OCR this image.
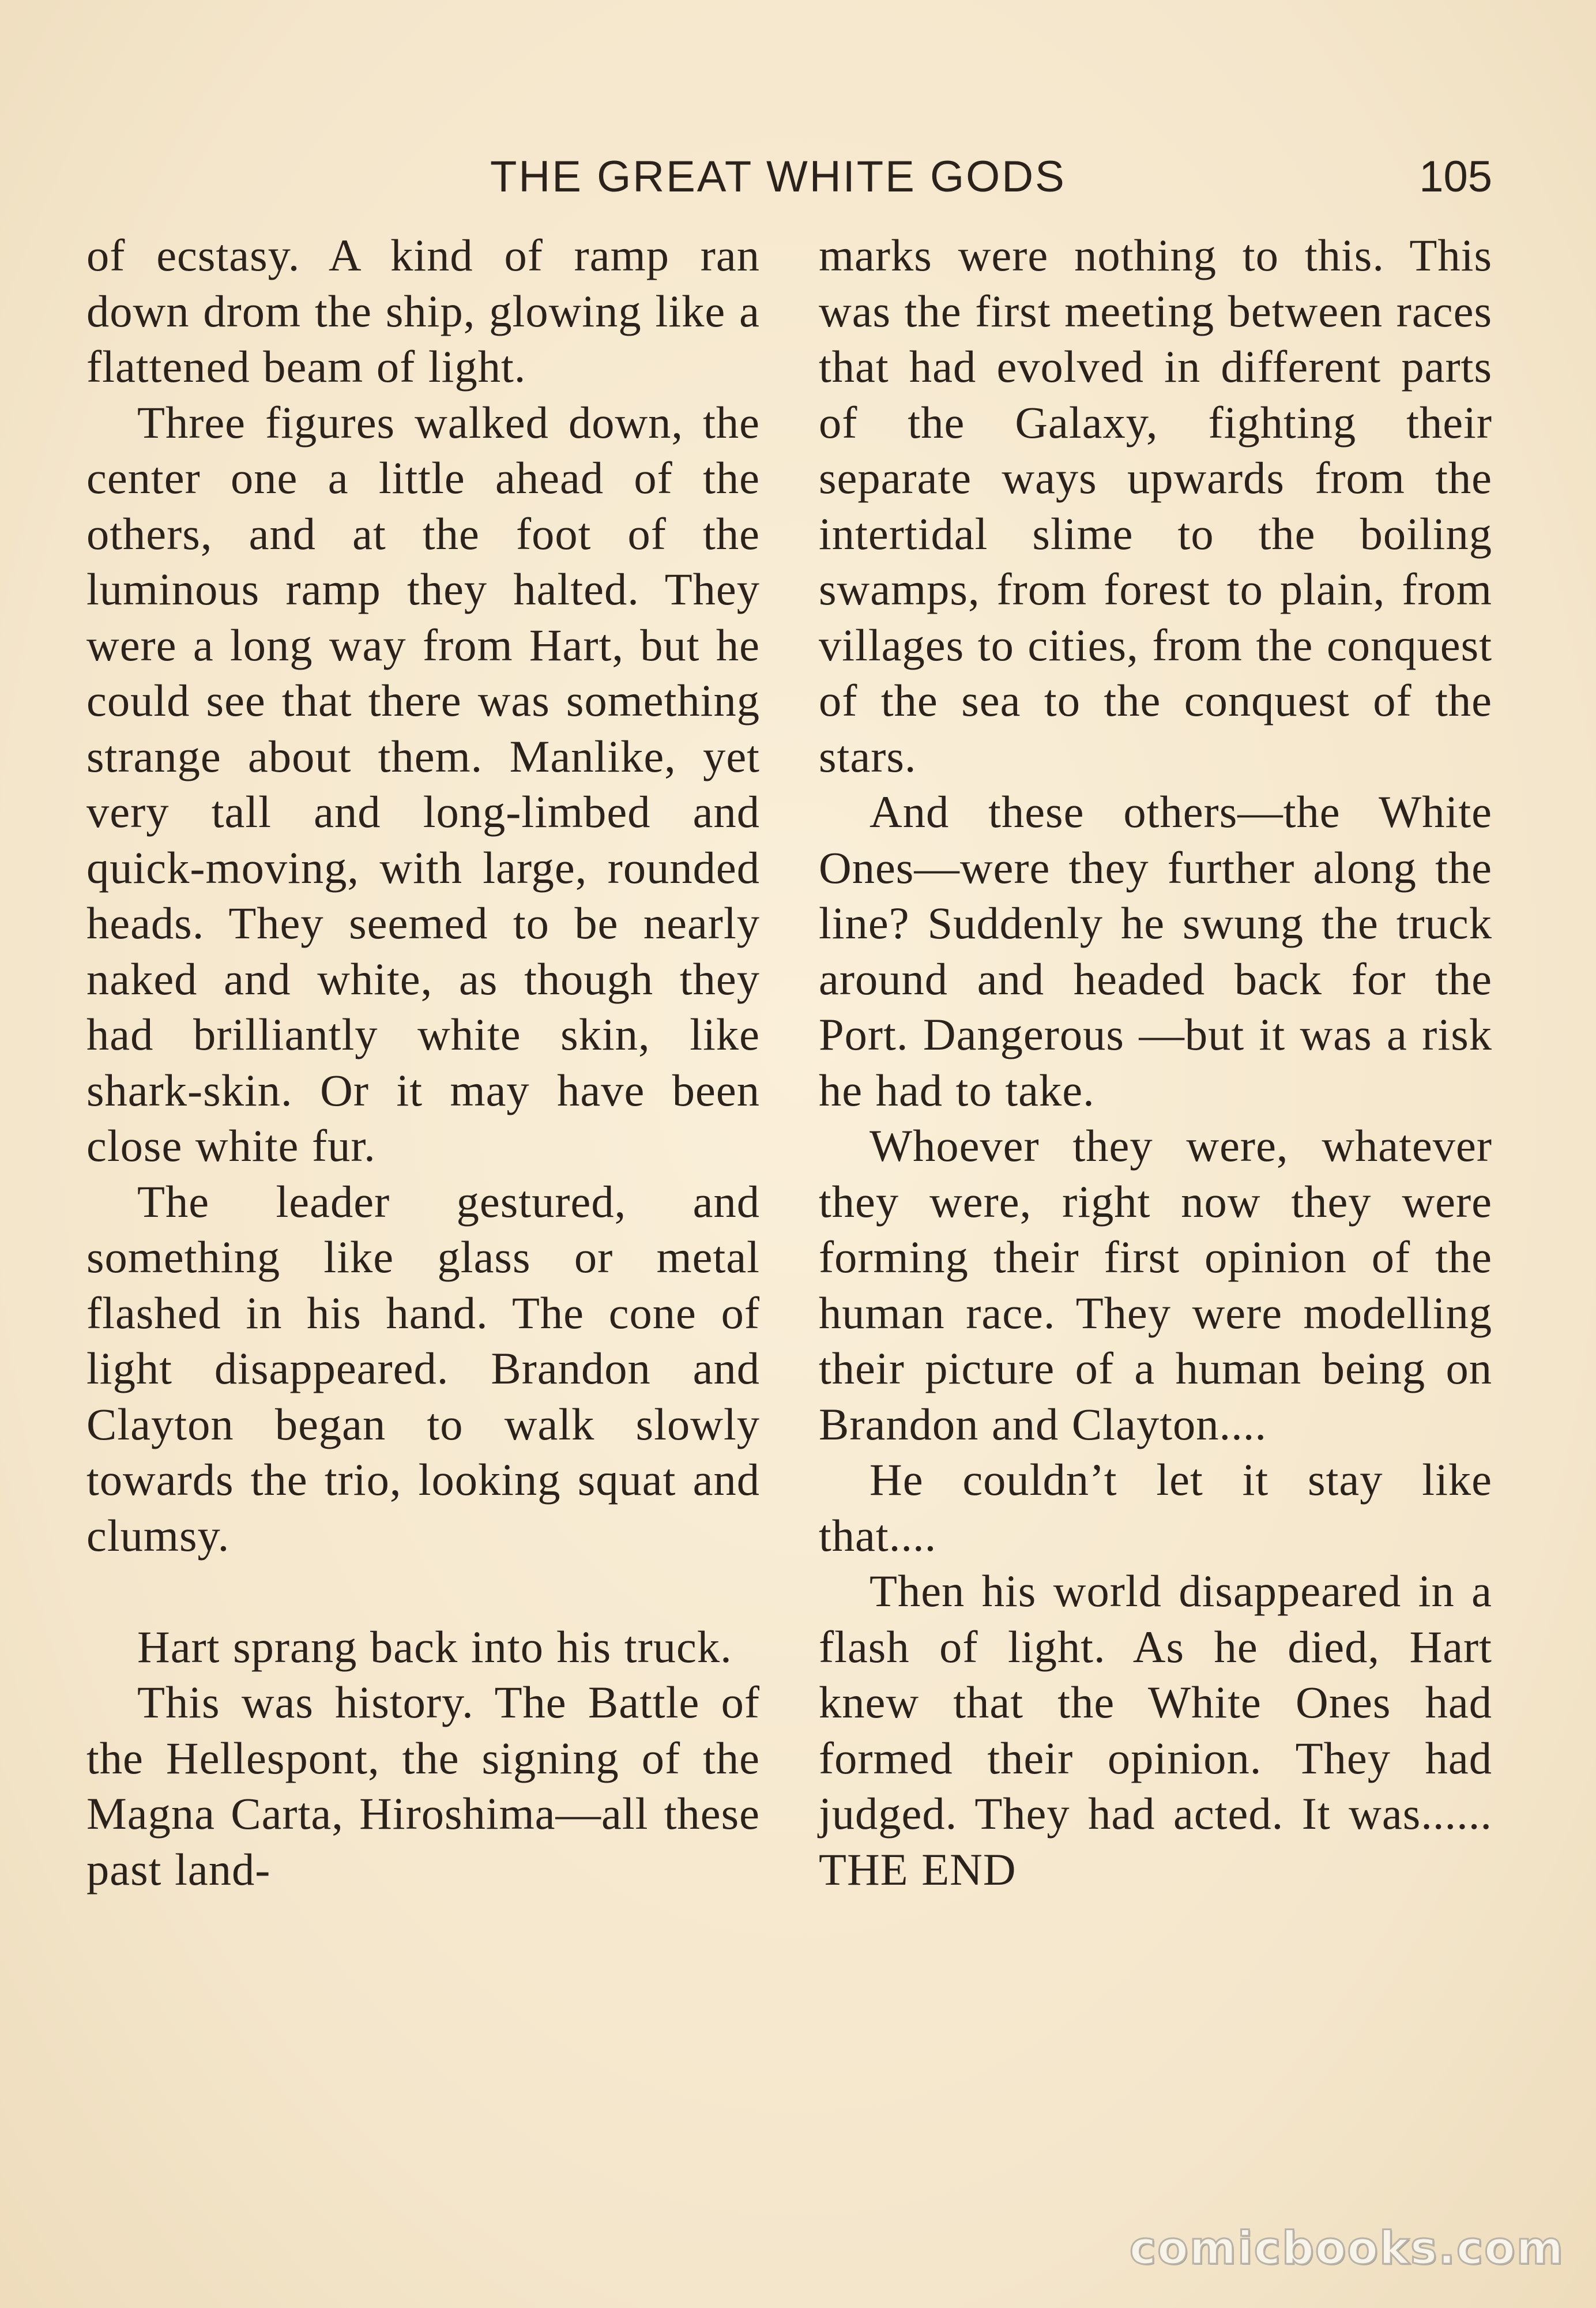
THE GREAT WHITE GODS	105

of ecstasy. A kind of ramp ran down drom the ship, glowing like a flattened beam of light.

Three figures walked down, the center one a little ahead of the others, and at the foot of the luminous ramp they halted. They were a long way from Hart, but he could see that there was something strange about them. Manlike, yet very tall and long-limbed and quick-moving, with large, rounded heads. They seemed to be nearly naked and white, as though they had brilliantly white skin, like shark-skin. Or it may have been close white fur.

The leader gestured, and something like glass or metal flashed in his hand. The cone of light disappeared. Brandon and Clayton began to walk slowly towards the trio, looking squat and clumsy.

Hart sprang back into his truck.

This was history. The Battle of the Hellespont, the signing of the Magna Carta, Hiroshima—all these past land-

marks were nothing to this. This was the first meeting between races that had evolved in different parts of the Galaxy, fighting their separate ways upwards from the intertidal slime to the boiling swamps, from forest to plain, from villages to cities, from the conquest of the sea to the conquest of the stars.

And these others—the White Ones—were they further along the line? Suddenly he swung the truck around and headed back for the Port. Dangerous —but it was a risk he had to take.

Whoever they were, whatever they were, right now they were forming their first opinion of the human race. They were modelling their picture of a human being on Brandon and Clayton....

He couldn’t let it stay like that....

Then his world disappeared in a flash of light. As he died, Hart knew that the White Ones had formed their opinion. They had judged. They had acted. It was...... THE END

comicbooks.com
